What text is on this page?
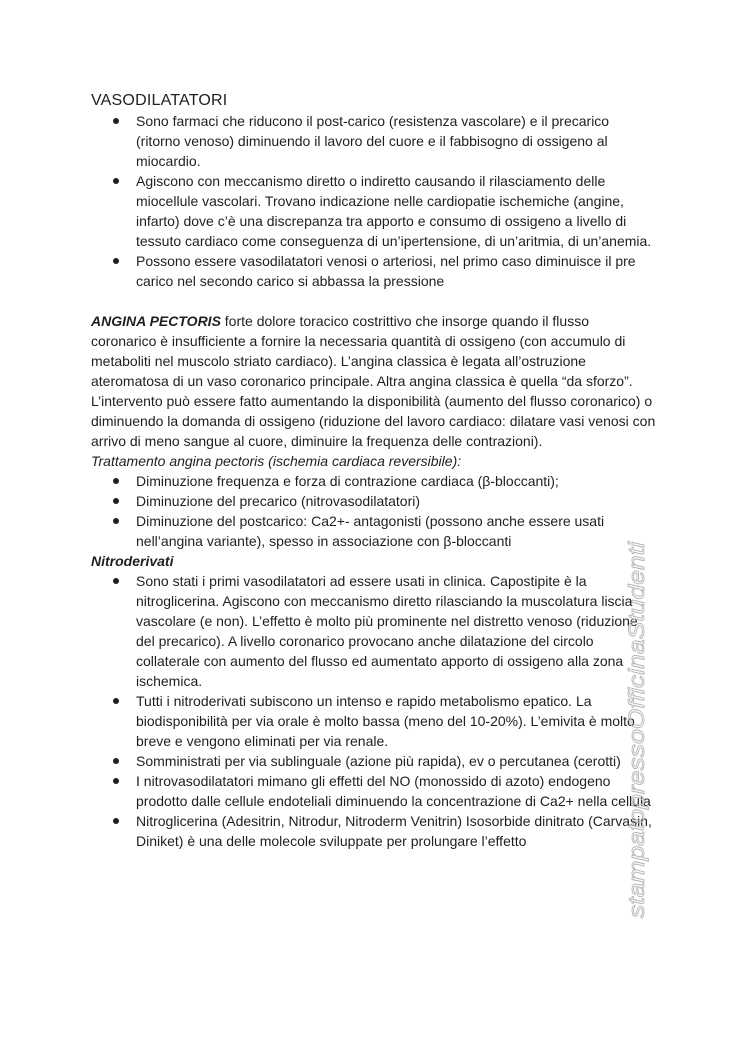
VASODILATATORI
Sono farmaci che riducono il post-carico (resistenza vascolare) e il precarico (ritorno venoso) diminuendo il lavoro del cuore e il fabbisogno di ossigeno al miocardio.
Agiscono con meccanismo diretto o indiretto causando il rilasciamento delle miocellule vascolari. Trovano indicazione nelle cardiopatie ischemiche (angine, infarto) dove c’è una discrepanza tra apporto e consumo di ossigeno a livello di tessuto cardiaco come conseguenza di un’ipertensione, di un’aritmia, di un’anemia.
Possono essere vasodilatatori venosi o arteriosi, nel primo caso diminuisce il pre carico nel secondo carico si abbassa la pressione

ANGINA PECTORIS forte dolore toracico costrittivo che insorge quando il flusso coronarico è insufficiente a fornire la necessaria quantità di ossigeno (con accumulo di metaboliti nel muscolo striato cardiaco). L’angina classica è legata all’ostruzione ateromatosa di un vaso coronarico principale. Altra angina classica è quella “da sforzo”. L’intervento può essere fatto aumentando la disponibilità (aumento del flusso coronarico) o diminuendo la domanda di ossigeno (riduzione del lavoro cardiaco: dilatare vasi venosi con arrivo di meno sangue al cuore, diminuire la frequenza delle contrazioni).

Trattamento angina pectoris (ischemia cardiaca reversibile):

Diminuzione frequenza e forza di contrazione cardiaca (β-bloccanti);
Diminuzione del precarico (nitrovasodilatatori)
Diminuzione del postcarico: Ca2+- antagonisti (possono anche essere usati nell’angina variante), spesso in associazione con β-bloccanti

Nitroderivati

Sono stati i primi vasodilatatori ad essere usati in clinica. Capostipite è la nitroglicerina. Agiscono con meccanismo diretto rilasciando la muscolatura liscia vascolare (e non). L’effetto è molto più prominente nel distretto venoso (riduzione del precarico). A livello coronarico provocano anche dilatazione del circolo collaterale con aumento del flusso ed aumentato apporto di ossigeno alla zona ischemica.
Tutti i nitroderivati subiscono un intenso e rapido metabolismo epatico. La biodisponibilità per via orale è molto bassa (meno del 10-20%). L’emivita è molto breve e vengono eliminati per via renale.
Somministrati per via sublinguale (azione più rapida), ev o percutanea (cerotti)
I nitrovasodilatatori mimano gli effetti del NO (monossido di azoto) endogeno prodotto dalle cellule endoteliali diminuendo la concentrazione di Ca2+ nella cellula
Nitroglicerina (Adesitrin, Nitrodur, Nitroderm Venitrin) Isosorbide dinitrato (Carvasin, Diniket) è una delle molecole sviluppate per prolungare l’effetto	stampatopressoOfficinaStudenti
